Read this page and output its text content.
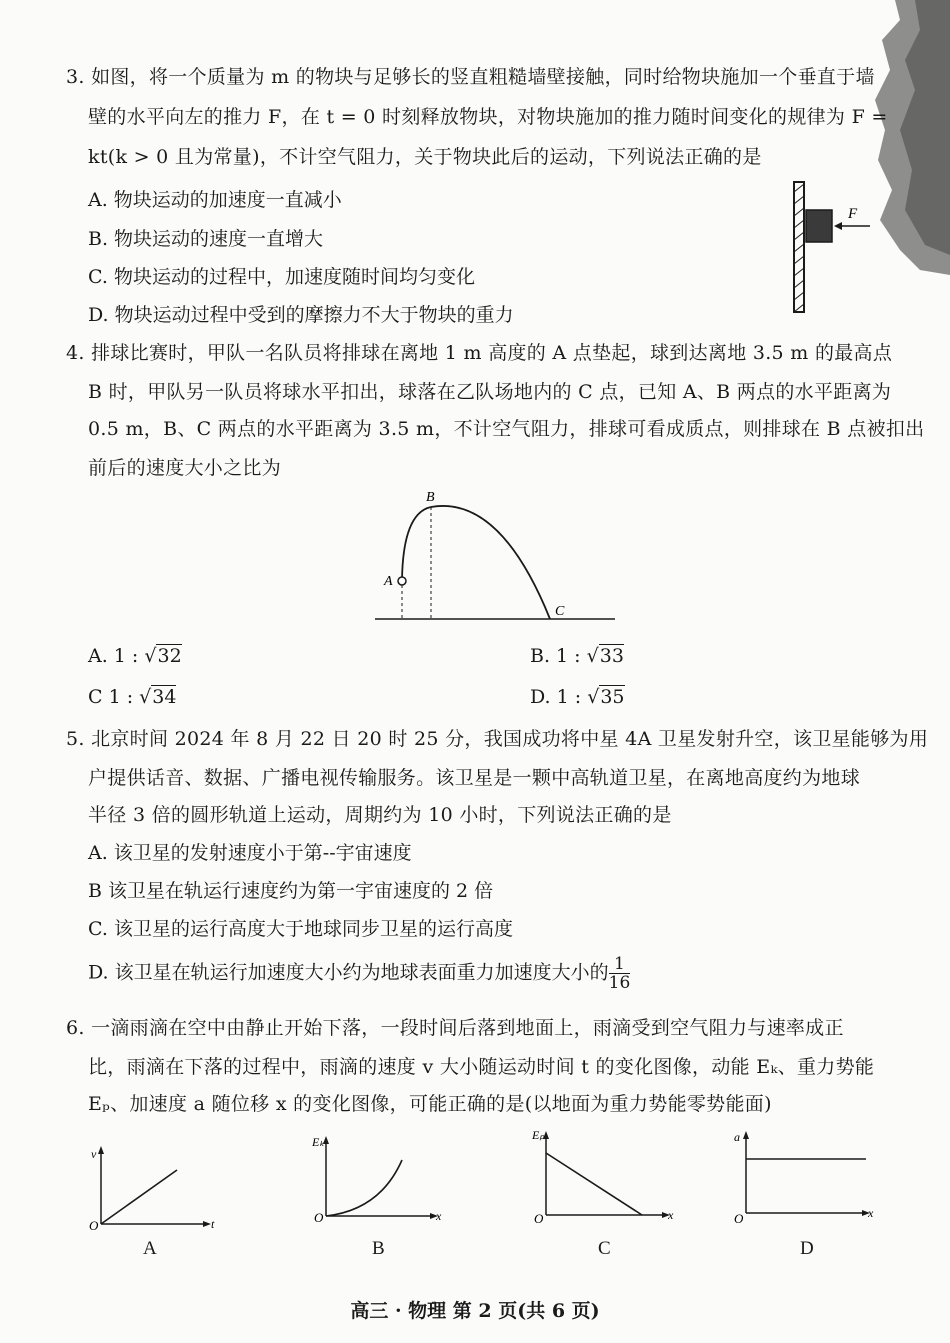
3. 如图，将一个质量为 m 的物块与足够长的竖直粗糙墙壁接触，同时给物块施加一个垂直于墙
壁的水平向左的推力 F，在 t = 0 时刻释放物块，对物块施加的推力随时间变化的规律为 F =
kt(k > 0 且为常量)，不计空气阻力，关于物块此后的运动，下列说法正确的是
A. 物块运动的加速度一直减小
B. 物块运动的速度一直增大
C. 物块运动的过程中，加速度随时间均匀变化
D. 物块运动过程中受到的摩擦力不大于物块的重力
F
4. 排球比赛时，甲队一名队员将排球在离地 1 m 高度的 A 点垫起，球到达离地 3.5 m 的最高点
B 时，甲队另一队员将球水平扣出，球落在乙队场地内的 C 点，已知 A、B 两点的水平距离为
0.5 m，B、C 两点的水平距离为 3.5 m，不计空气阻力，排球可看成质点，则排球在 B 点被扣出
前后的速度大小之比为
A
B
C
A. 1 : √32	B. 1 : √33
C 1 : √34	D. 1 : √35
5. 北京时间 2024 年 8 月 22 日 20 时 25 分，我国成功将中星 4A 卫星发射升空，该卫星能够为用
户提供话音、数据、广播电视传输服务。该卫星是一颗中高轨道卫星，在离地高度约为地球
半径 3 倍的圆形轨道上运动，周期约为 10 小时，下列说法正确的是
A. 该卫星的发射速度小于第--宇宙速度
B 该卫星在轨运行速度约为第一宇宙速度的 2 倍
C. 该卫星的运行高度大于地球同步卫星的运行高度
D. 该卫星在轨运行加速度大小约为地球表面重力加速度大小的 $\frac{1}{16}$
6. 一滴雨滴在空中由静止开始下落，一段时间后落到地面上，雨滴受到空气阻力与速率成正
比，雨滴在下落的过程中，雨滴的速度 v 大小随运动时间 t 的变化图像，动能 Eₖ、重力势能
Eₚ、加速度 a 随位移 x 的变化图像，可能正确的是(以地面为重力势能零势能面)
O
v
t
A
O
Eₖ
x
B
O
Eₚ
x
C
O
a
x
D
高三 · 物理 第 2 页(共 6 页)
